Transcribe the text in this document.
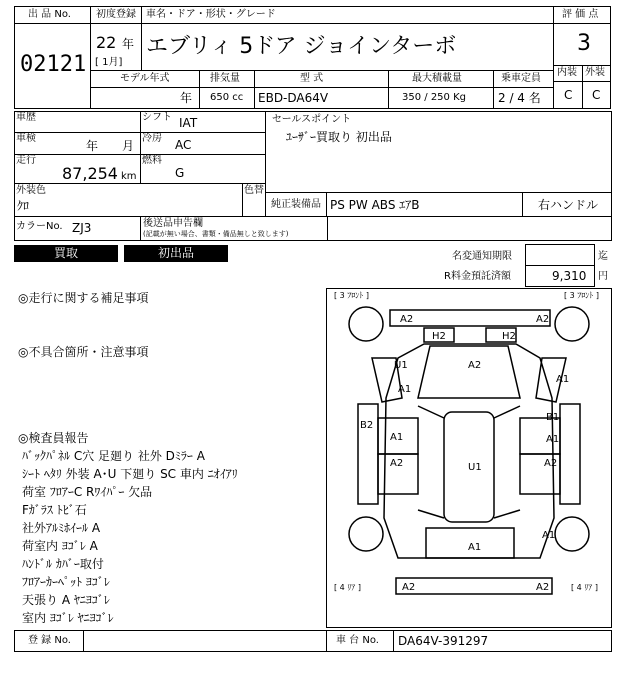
出 品 No.
02121
初度登録 車名・ドア・形状・グレード
22 年
[ 1月]
エブリィ 5ドア ジョインターボ
評 価 点
3
内装 外装
C C
モデル年式	排気量	型 式	最大積載量	乗車定員
年 650 cc EBD-DA64V	350 / 250 Kg	2 / 4 名
車歴	シフト IAT	セールスポイント
ﾕｰｻﾞｰ買取り 初出品
車検
年 月
冷房 AC
走行
87,254 km
燃料
G
外装色
ｸﾛ
色替
純正装備品 PS PW ABS ｴｱB	右ハンドル
カラーNo. ZJ3	後送品申告欄
(記載が無い場合、書類・備品無しと致します)
買取	初出品	名変通知期限	迄
R料金預託済額	9,310 円
◎走行に関する補足事項
◎不具合箇所・注意事項
◎検査員報告
ﾊﾞｯｸﾊﾟﾈﾙ C穴 足廻り 社外 Dﾐﾗｰ A
ｼｰﾄ ﾍﾀﾘ 外装 A･U 下廻り SC 車内 ﾆｵｲｱﾘ
荷室 ﾌﾛｱｰC Rﾜｲﾊﾟｰ 欠品
Fｶﾞﾗｽ ﾄﾋﾞ石
社外ｱﾙﾐﾎｲｰﾙ A
荷室内 ﾖｺﾞﾚ A
ﾊﾝﾄﾞﾙ ｶﾊﾞｰ取付
ﾌﾛｱｰｶｰﾍﾟｯﾄ ﾖｺﾞﾚ
天張り A ﾔﾆﾖｺﾞﾚ
室内 ﾖｺﾞﾚ ﾔﾆﾖｺﾞﾚ
[ 3 ﾌﾛﾝﾄ ]	[ 3 ﾌﾛﾝﾄ ]
[ 4 ﾘｱ ]	[ 4 ﾘｱ ]
A2	A2
H2	H2
A2
U1
A1
A1
B2
A1
A2	U1
B1
A1
A2
A1
A1
A2	A2
登 録 No.	車 台 No. DA64V-391297
